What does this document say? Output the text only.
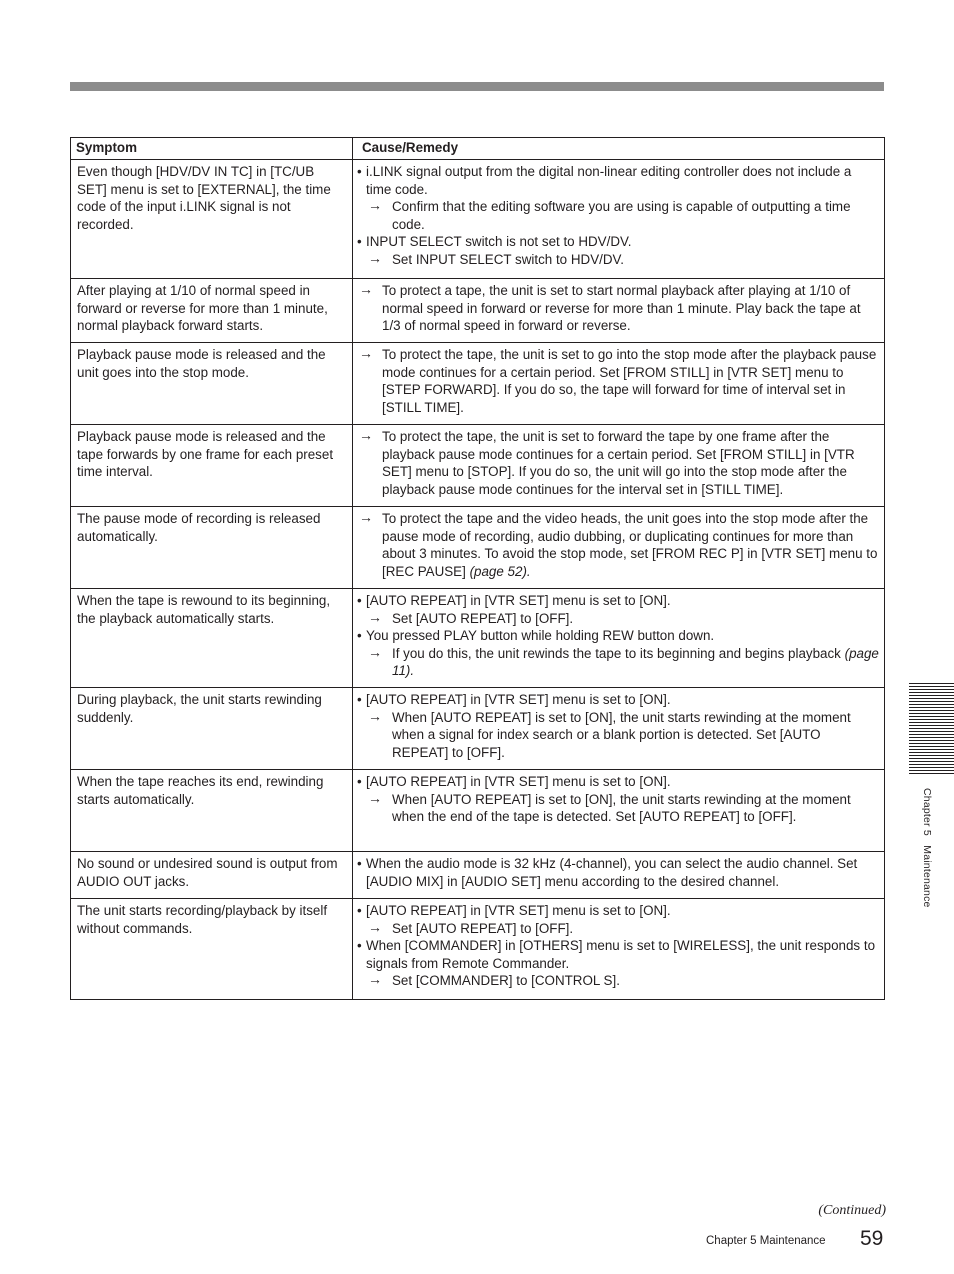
Symptom	Cause/Remedy
Even though [HDV/DV IN TC] in [TC/UB SET] menu is set to [EXTERNAL], the time code of the input i.LINK signal is not recorded.	• i.LINK signal output from the digital non-linear editing controller does not include a time code.
→ Confirm that the editing software you are using is capable of outputting a time code.
• INPUT SELECT switch is not set to HDV/DV.
→ Set INPUT SELECT switch to HDV/DV.

After playing at 1/10 of normal speed in forward or reverse for more than 1 minute, normal playback forward starts.	→ To protect a tape, the unit is set to start normal playback after playing at 1/10 of normal speed in forward or reverse for more than 1 minute. Play back the tape at 1/3 of normal speed in forward or reverse.

Playback pause mode is released and the unit goes into the stop mode.	→ To protect the tape, the unit is set to go into the stop mode after the playback pause mode continues for a certain period. Set [FROM STILL] in [VTR SET] menu to [STEP FORWARD]. If you do so, the tape will forward for time of interval set in [STILL TIME].

Playback pause mode is released and the tape forwards by one frame for each preset time interval.	→ To protect the tape, the unit is set to forward the tape by one frame after the playback pause mode continues for a certain period. Set [FROM STILL] in [VTR SET] menu to [STOP]. If you do so, the unit will go into the stop mode after the playback pause mode continues for the interval set in [STILL TIME].

The pause mode of recording is released automatically.	→ To protect the tape and the video heads, the unit goes into the stop mode after the pause mode of recording, audio dubbing, or duplicating continues for more than about 3 minutes. To avoid the stop mode, set [FROM REC P] in [VTR SET] menu to [REC PAUSE] (page 52).

When the tape is rewound to its beginning, the playback automatically starts.	• [AUTO REPEAT] in [VTR SET] menu is set to [ON].
→ Set [AUTO REPEAT] to [OFF].
• You pressed PLAY button while holding REW button down.
→ If you do this, the unit rewinds the tape to its beginning and begins playback (page 11).

During playback, the unit starts rewinding suddenly.	• [AUTO REPEAT] in [VTR SET] menu is set to [ON].
→ When [AUTO REPEAT] is set to [ON], the unit starts rewinding at the moment when a signal for index search or a blank portion is detected. Set [AUTO REPEAT] to [OFF].

When the tape reaches its end, rewinding starts automatically.	• [AUTO REPEAT] in [VTR SET] menu is set to [ON].
→ When [AUTO REPEAT] is set to [ON], the unit starts rewinding at the moment when the end of the tape is detected. Set [AUTO REPEAT] to [OFF].

No sound or undesired sound is output from AUDIO OUT jacks.	• When the audio mode is 32 kHz (4-channel), you can select the audio channel. Set [AUDIO MIX] in [AUDIO SET] menu according to the desired channel.

The unit starts recording/playback by itself without commands.	• [AUTO REPEAT] in [VTR SET] menu is set to [ON].
→ Set [AUTO REPEAT] to [OFF].
• When [COMMANDER] in [OTHERS] menu is set to [WIRELESS], the unit responds to signals from Remote Commander.
→ Set [COMMANDER] to [CONTROL S].
Chapter 5   Maintenance
(Continued)
Chapter 5 Maintenance 59
